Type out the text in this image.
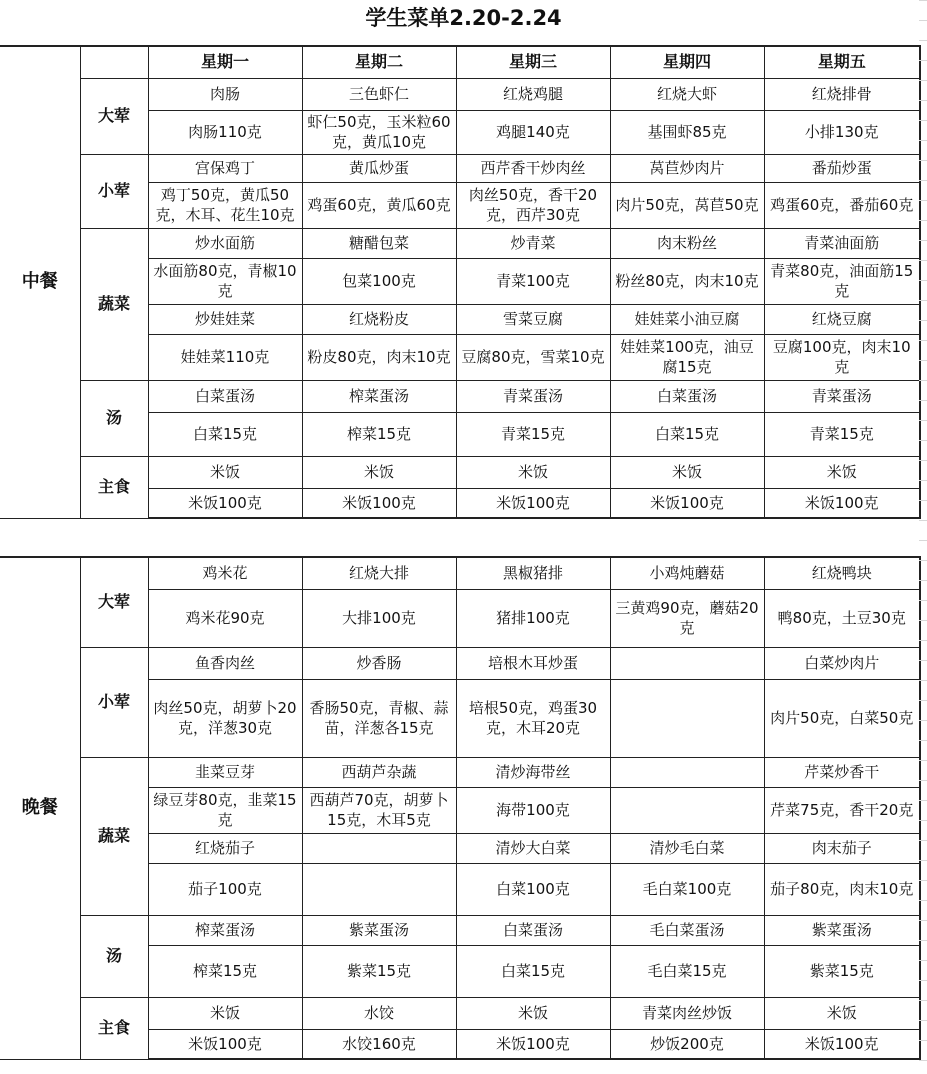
学生菜单2.20-2.24
中餐		星期一	星期二	星期三	星期四	星期五
	大荤	肉肠	三色虾仁	红烧鸡腿	红烧大虾	红烧排骨
		肉肠110克	虾仁50克，玉米粒60克，黄瓜10克	鸡腿140克	基围虾85克	小排130克
	小荤	宫保鸡丁	黄瓜炒蛋	西芹香干炒肉丝	莴苣炒肉片	番茄炒蛋
		鸡丁50克，黄瓜50克，木耳、花生10克	鸡蛋60克，黄瓜60克	肉丝50克，香干20克，西芹30克	肉片50克，莴苣50克	鸡蛋60克，番茄60克
	蔬菜	炒水面筋	糖醋包菜	炒青菜	肉末粉丝	青菜油面筋
		水面筋80克，青椒10克	包菜100克	青菜100克	粉丝80克，肉末10克	青菜80克，油面筋15克
		炒娃娃菜	红烧粉皮	雪菜豆腐	娃娃菜小油豆腐	红烧豆腐
		娃娃菜110克	粉皮80克，肉末10克	豆腐80克，雪菜10克	娃娃菜100克，油豆腐15克	豆腐100克，肉末10克
	汤	白菜蛋汤	榨菜蛋汤	青菜蛋汤	白菜蛋汤	青菜蛋汤
		白菜15克	榨菜15克	青菜15克	白菜15克	青菜15克
	主食	米饭	米饭	米饭	米饭	米饭
		米饭100克	米饭100克	米饭100克	米饭100克	米饭100克
晚餐	大荤	鸡米花	红烧大排	黑椒猪排	小鸡炖蘑菇	红烧鸭块
		鸡米花90克	大排100克	猪排100克	三黄鸡90克，蘑菇20克	鸭80克，土豆30克
	小荤	鱼香肉丝	炒香肠	培根木耳炒蛋		白菜炒肉片
		肉丝50克，胡萝卜20克，洋葱30克	香肠50克，青椒、蒜苗，洋葱各15克	培根50克，鸡蛋30克，木耳20克		肉片50克，白菜50克
	蔬菜	韭菜豆芽	西葫芦杂蔬	清炒海带丝		芹菜炒香干
		绿豆芽80克，韭菜15克	西葫芦70克，胡萝卜15克，木耳5克	海带100克		芹菜75克，香干20克
		红烧茄子		清炒大白菜	清炒毛白菜	肉末茄子
		茄子100克		白菜100克	毛白菜100克	茄子80克，肉末10克
	汤	榨菜蛋汤	紫菜蛋汤	白菜蛋汤	毛白菜蛋汤	紫菜蛋汤
		榨菜15克	紫菜15克	白菜15克	毛白菜15克	紫菜15克
	主食	米饭	水饺	米饭	青菜肉丝炒饭	米饭
		米饭100克	水饺160克	米饭100克	炒饭200克	米饭100克
